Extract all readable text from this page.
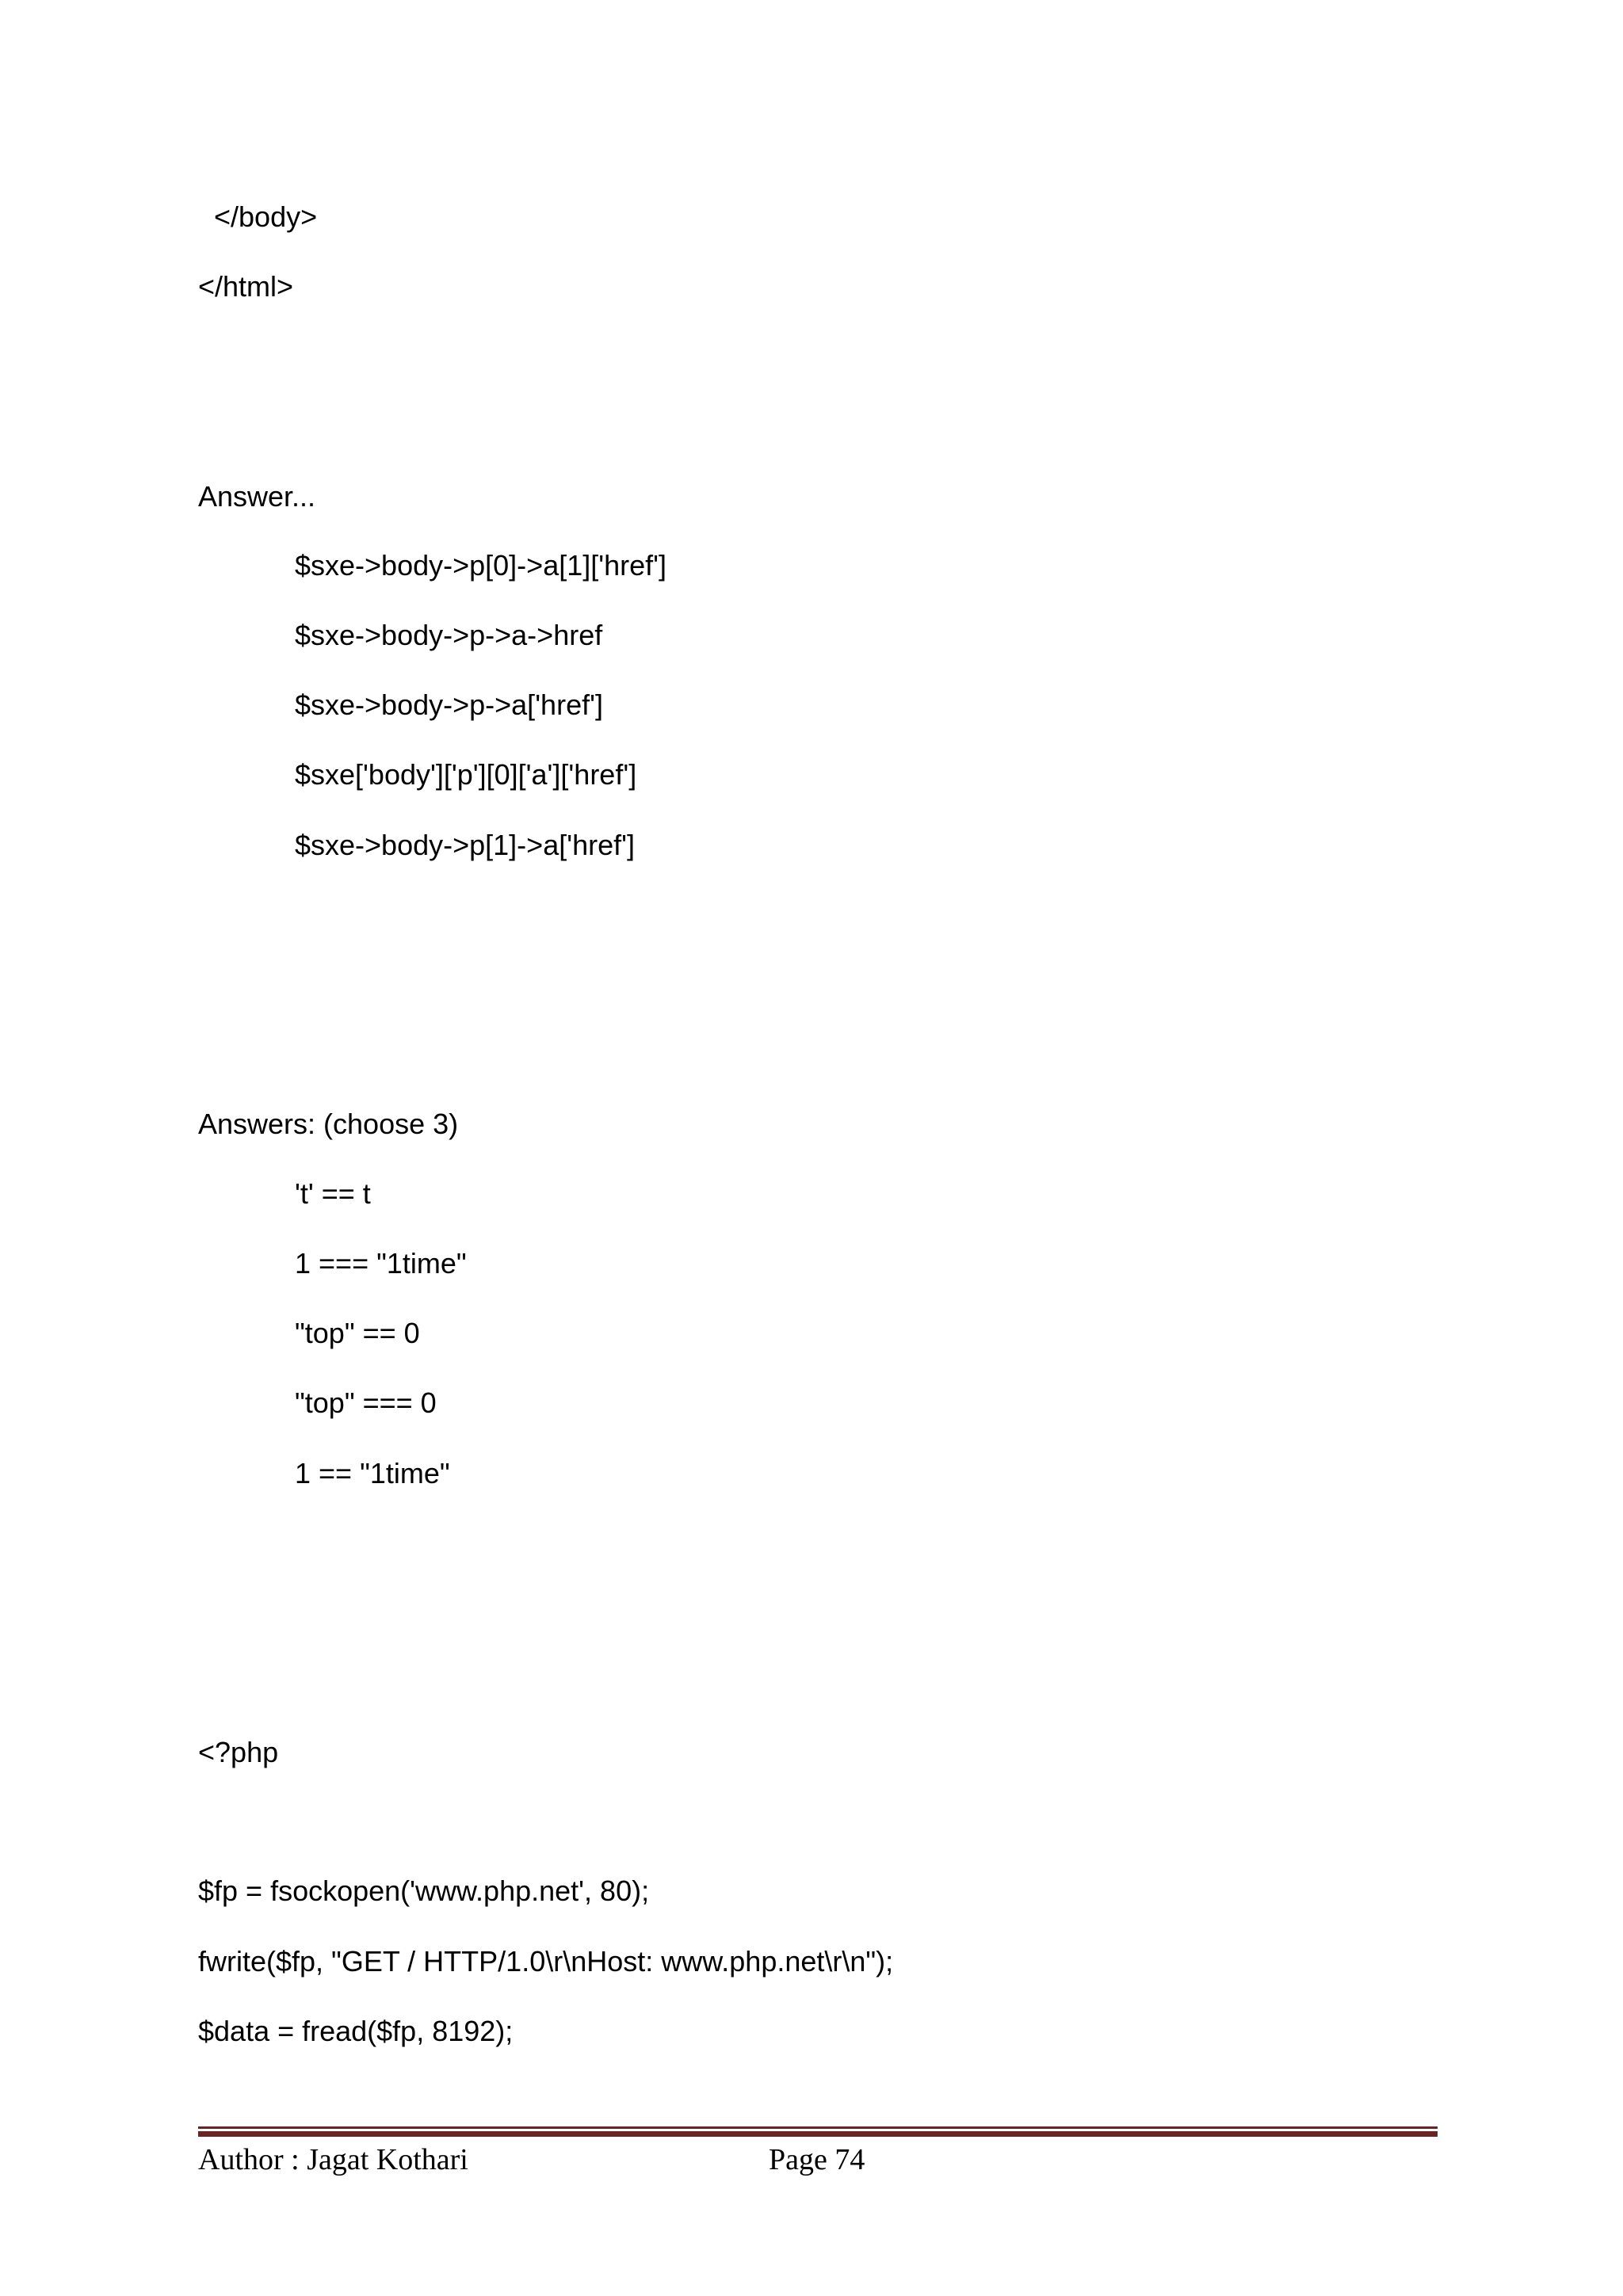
</body>

</html>

Answer...

$sxe->body->p[0]->a[1]['href']

$sxe->body->p->a->href

$sxe->body->p->a['href']

$sxe['body']['p'][0]['a']['href']

$sxe->body->p[1]->a['href']

Answers: (choose 3)

't' == t

1 === "1time"

"top" == 0

"top" === 0

1 == "1time"

<?php

$fp = fsockopen('www.php.net', 80);

fwrite($fp, "GET / HTTP/1.0\r\nHost: www.php.net\r\n");

$data = fread($fp, 8192);

Author : Jagat Kothari	Page 74
